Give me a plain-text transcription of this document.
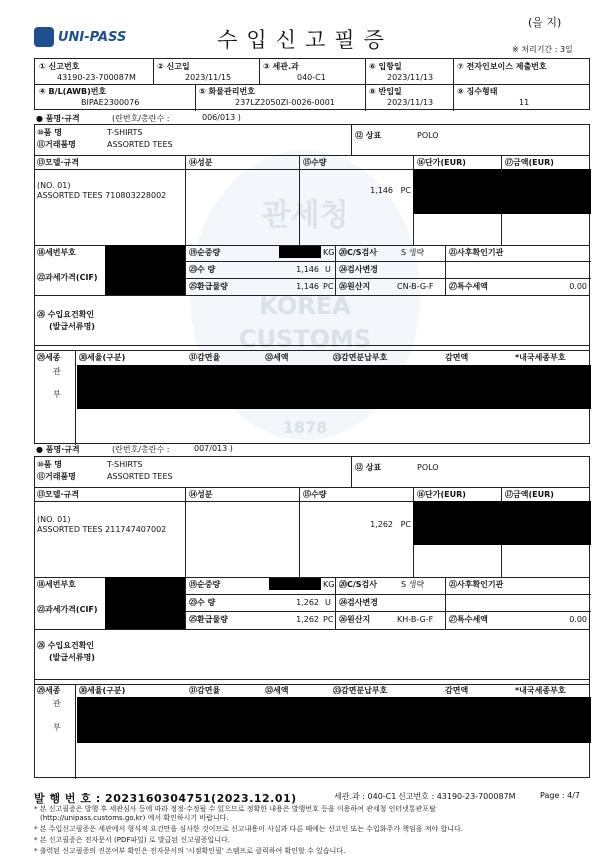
관세청
KOREA
CUSTOMS
1878
UNI-PASS	수입신고필증
(을 지)
※ 처리기간 : 3일
① 신고번호
43190-23-700087M
② 신고일
2023/11/15
③ 세관.과
040-C1
⑥ 입항일
2023/11/13
⑦ 전자인보이스 제출번호
④ B/L(AWB)번호
BIPAE2300076
⑤ 화물관리번호
237LZ2050ZI-0026-0001
⑧ 반입일
2023/11/13
⑨ 징수형태
11
● 품명·규격	(란번호/총란수 :	006/013 )
⑩품 명	T-SHIRTS
⑪거래품명	ASSORTED TEES
⑫ 상표	POLO
⑬모델·규격	⑭성분	⑮수량	⑯단가(EUR)	⑰금액(EUR)
(NO. 01)
ASSORTED TEES 710803228002
1,146 PC
⑱세번부호	⑲순중량	KG ⑳C/S검사	S 생략	㉑사후확인기관
㉒과세가격(CIF)
㉓수 량	1,146 U ㉔검사변경
㉕환급물량	1,146 PC ㉖원산지	CN-B-G-F ㉗특수세액	0.00
㉘ 수입요건확인
(발급서류명)
㉙세종 ㉚세율(구분)	㉛감면율	㉜세액	㉝감면분납부호	감면액	*내국세종부호
관
부
● 품명·규격	(란번호/총란수 :	007/013 )
⑩품 명	T-SHIRTS
⑪거래품명	ASSORTED TEES
⑫ 상표	POLO
⑬모델·규격	⑭성분	⑮수량	⑯단가(EUR)	⑰금액(EUR)
(NO. 01)
ASSORTED TEES 211747407002
1,262 PC
⑱세번부호	⑲순중량	KG ⑳C/S검사	S 생략	㉑사후확인기관
㉒과세가격(CIF)
㉓수 량	1,262 U ㉔검사변경
㉕환급물량	1,262 PC ㉖원산지	KH-B-G-F ㉗특수세액	0.00
㉘ 수입요건확인
(발급서류명)
㉙세종 ㉚세율(구분)	㉛감면율	㉜세액	㉝감면분납부호	감면액	*내국세종부호
관
부
발 행 번 호 : 2023160304751(2023.12.01)	세관.과 : 040-C1 신고번호 : 43190-23-700087M	Page : 4/7
* 본 신고필증은 발행 후 세관심사 등에 따라 정정·수정될 수 있으므로 정확한 내용은 발행번호 등을 이용하여 관세청 인터넷통관포탈
(http://unipass.customs.go.kr) 에서 확인하시기 바랍니다.
* 본 수입신고필증은 세관에서 형식적 요건만을 심사한 것이므로 신고내용이 사실과 다른 때에는 신고인 또는 수입화주가 책임을 져야 합니다.
* 본 신고필증은 전자문서 (PDF파일) 로 발급된 신고필증입니다.
* 출력된 신고필증의 진본여부 확인은 전자문서의 '시점확인필' 스탬프로 클릭하여 확인할 수 있습니다.
